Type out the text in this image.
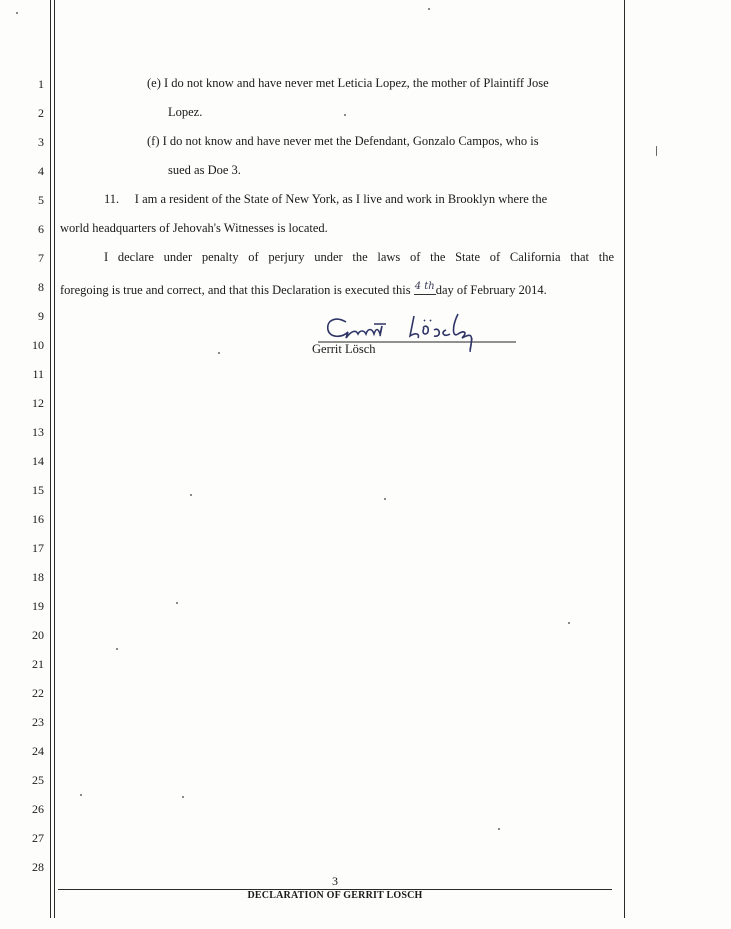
1
2
3
4
5
6
7
8
9
10
11
12
13
14
15
16
17
18
19
20
21
22
23
24
25
26
27
28
(e) I do not know and have never met Leticia Lopez, the mother of Plaintiff Jose
Lopez.
(f) I do not know and have never met the Defendant, Gonzalo Campos, who is
sued as Doe 3.
11.     I am a resident of the State of New York, as I live and work in Brooklyn where the
world headquarters of Jehovah's Witnesses is located.
I declare under penalty of perjury under the laws of the State of California that the
foregoing is true and correct, and that this Declaration is executed this 4 thday of February 2014.
Gerrit Lösch
3
DECLARATION OF GERRIT LOSCH
